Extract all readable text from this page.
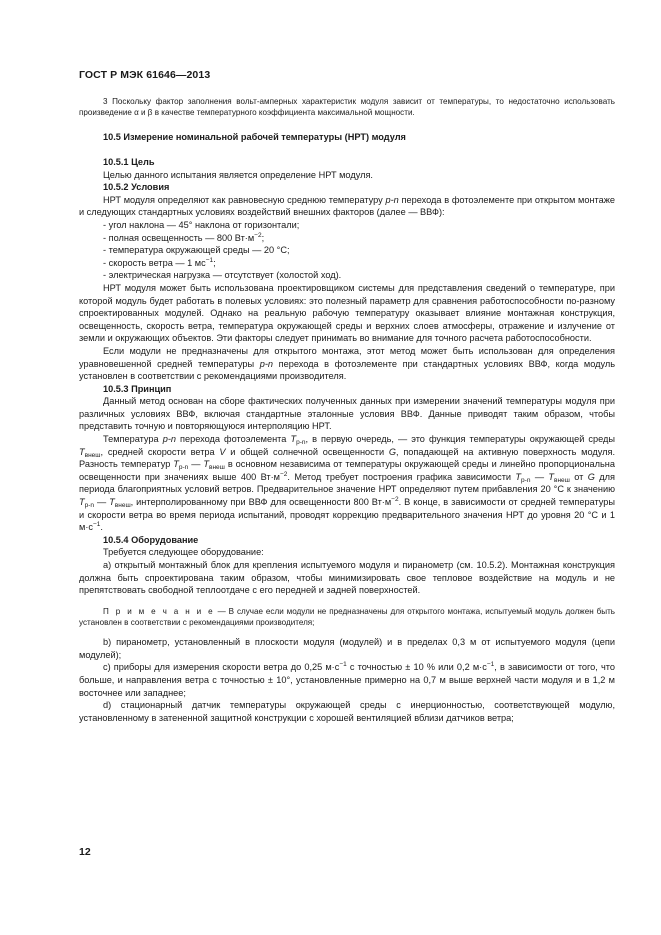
ГОСТ Р МЭК 61646—2013

3 Поскольку фактор заполнения вольт-амперных характеристик модуля зависит от температуры, то недостаточно использовать произведение α и β в качестве температурного коэффициента максимальной мощности.

10.5 Измерение номинальной рабочей температуры (НРТ) модуля

10.5.1 Цель

Целью данного испытания является определение НРТ модуля.

10.5.2 Условия

НРТ модуля определяют как равновесную среднюю температуру p-n перехода в фотоэлементе при открытом монтаже и следующих стандартных условиях воздействий внешних факторов (далее — ВВФ):

- угол наклона — 45° наклона от горизонтали;

- полная освещенность — 800 $Вт\cdot м^{-2}$;

- температура окружающей среды — 20 °C;

- скорость ветра — 1 $мс^{-1}$;

- электрическая нагрузка — отсутствует (холостой ход).

НРТ модуля может быть использована проектировщиком системы для представления сведений о температуре, при которой модуль будет работать в полевых условиях: это полезный параметр для сравнения работоспособности по-разному спроектированных модулей. Однако на реальную рабочую температуру оказывает влияние монтажная конструкция, освещенность, скорость ветра, температура окружающей среды и верхних слоев атмосферы, отражение и излучение от земли и окружающих объектов. Эти факторы следует принимать во внимание для точного расчета работоспособности.

Если модули не предназначены для открытого монтажа, этот метод может быть использован для определения уравновешенной средней температуры p-n перехода в фотоэлементе при стандартных условиях ВВФ, когда модуль установлен в соответствии с рекомендациями производителя.

10.5.3 Принцип

Данный метод основан на сборе фактических полученных данных при измерении значений температуры модуля при различных условиях ВВФ, включая стандартные эталонные условия ВВФ. Данные приводят таким образом, чтобы представить точную и повторяющуюся интерполяцию НРТ.

Температура p-n перехода фотоэлемента $T_{p-n}$, в первую очередь, — это функция температуры окружающей среды $T_{внеш}$, средней скорости ветра V и общей солнечной освещенности G, попадающей на активную поверхность модуля. Разность температур $T_{p-n}$ — $T_{внеш}$ в основном независима от температуры окружающей среды и линейно пропорциональна освещенности при значениях выше 400 $Вт\cdot м^{-2}$. Метод требует построения графика зависимости $T_{p-n}$ — $T_{внеш}$ от G для периода благоприятных условий ветров. Предварительное значение НРТ определяют путем прибавления 20 °C к значению $T_{p-n}$ — $T_{внеш}$, интерполированному при ВВФ для освещенности 800 $Вт\cdot м^{-2}$. В конце, в зависимости от средней температуры и скорости ветра во время периода испытаний, проводят коррекцию предварительного значения НРТ до уровня 20 °C и 1 $м\cdot с^{-1}$.

10.5.4 Оборудование

Требуется следующее оборудование:

а) открытый монтажный блок для крепления испытуемого модуля и пиранометр (см. 10.5.2). Монтажная конструкция должна быть спроектирована таким образом, чтобы минимизировать свое тепловое воздействие на модуль и не препятствовать свободной теплоотдаче с его передней и задней поверхностей.

П р и м е ч а н и е — В случае если модули не предназначены для открытого монтажа, испытуемый модуль должен быть установлен в соответствии с рекомендациями производителя;

b) пиранометр, установленный в плоскости модуля (модулей) и в пределах 0,3 м от испытуемого модуля (цепи модулей);

с) приборы для измерения скорости ветра до 0,25 $м\cdot с^{-1}$ с точностью ± 10 % или 0,2 $м\cdot с^{-1}$, в зависимости от того, что больше, и направления ветра с точностью ± 10°, установленные примерно на 0,7 м выше верхней части модуля и в 1,2 м восточнее или западнее;

d) стационарный датчик температуры окружающей среды с инерционностью, соответствующей модулю, установленному в затененной защитной конструкции с хорошей вентиляцией вблизи датчиков ветра;

12
